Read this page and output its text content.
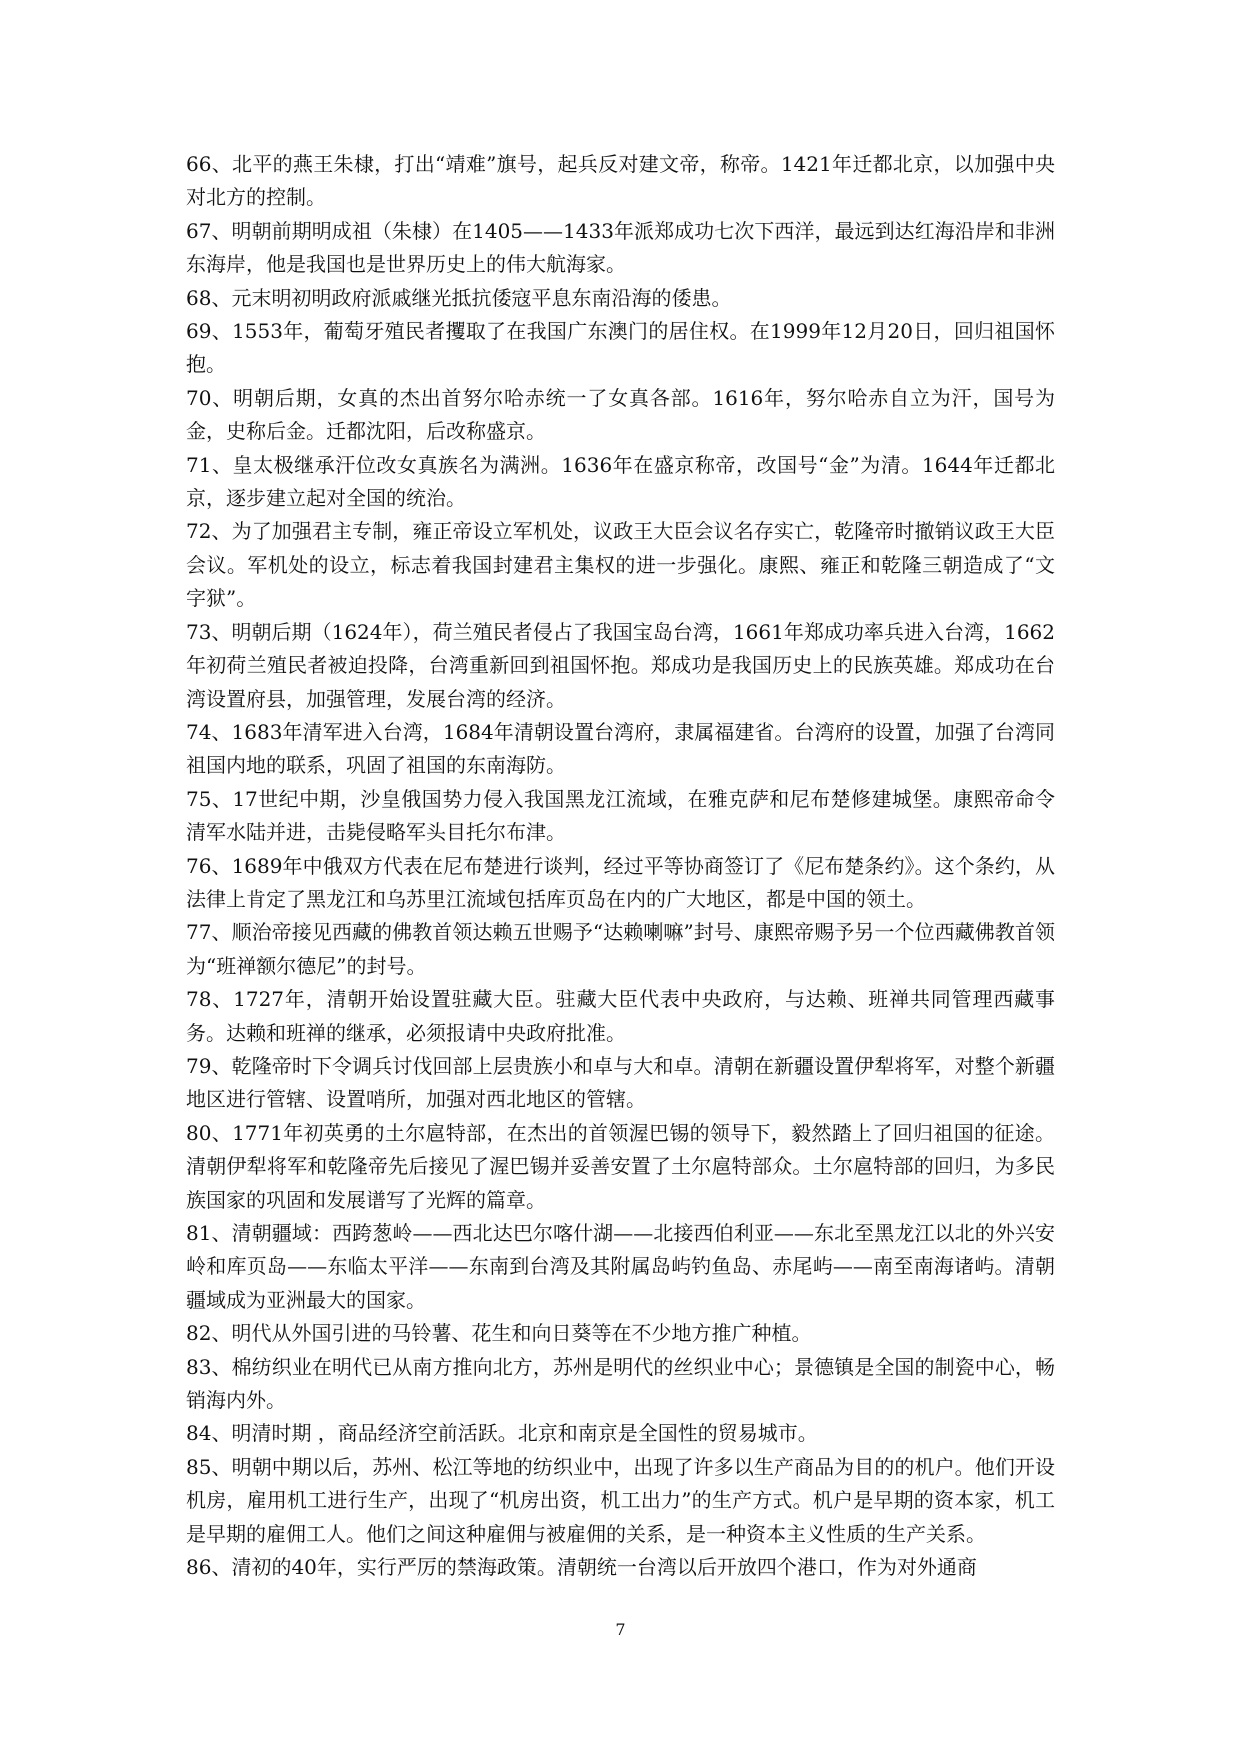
66、北平的燕王朱棣，打出“靖难”旗号，起兵反对建文帝，称帝。1421年迁都北京，以加强中央对北方的控制。

67、明朝前期明成祖（朱棣）在1405——1433年派郑成功七次下西洋，最远到达红海沿岸和非洲东海岸，他是我国也是世界历史上的伟大航海家。

68、元末明初明政府派戚继光抵抗倭寇平息东南沿海的倭患。

69、1553年，葡萄牙殖民者攫取了在我国广东澳门的居住权。在1999年12月20日，回归祖国怀抱。

70、明朝后期，女真的杰出首努尔哈赤统一了女真各部。1616年，努尔哈赤自立为汗，国号为金，史称后金。迁都沈阳，后改称盛京。

71、皇太极继承汗位改女真族名为满洲。1636年在盛京称帝，改国号“金”为清。1644年迁都北京，逐步建立起对全国的统治。

72、为了加强君主专制，雍正帝设立军机处，议政王大臣会议名存实亡，乾隆帝时撤销议政王大臣会议。军机处的设立，标志着我国封建君主集权的进一步强化。康熙、雍正和乾隆三朝造成了“文字狱”。

73、明朝后期（1624年），荷兰殖民者侵占了我国宝岛台湾，1661年郑成功率兵进入台湾，1662年初荷兰殖民者被迫投降，台湾重新回到祖国怀抱。郑成功是我国历史上的民族英雄。郑成功在台湾设置府县，加强管理，发展台湾的经济。

74、1683年清军进入台湾，1684年清朝设置台湾府，隶属福建省。台湾府的设置，加强了台湾同祖国内地的联系，巩固了祖国的东南海防。

75、17世纪中期，沙皇俄国势力侵入我国黑龙江流域，在雅克萨和尼布楚修建城堡。康熙帝命令清军水陆并进，击毙侵略军头目托尔布津。

76、1689年中俄双方代表在尼布楚进行谈判，经过平等协商签订了《尼布楚条约》。这个条约，从法律上肯定了黑龙江和乌苏里江流域包括库页岛在内的广大地区，都是中国的领土。

77、顺治帝接见西藏的佛教首领达赖五世赐予“达赖喇嘛”封号、康熙帝赐予另一个位西藏佛教首领为“班禅额尔德尼”的封号。

78、1727年，清朝开始设置驻藏大臣。驻藏大臣代表中央政府，与达赖、班禅共同管理西藏事务。达赖和班禅的继承，必须报请中央政府批准。

79、乾隆帝时下令调兵讨伐回部上层贵族小和卓与大和卓。清朝在新疆设置伊犁将军，对整个新疆地区进行管辖、设置哨所，加强对西北地区的管辖。

80、1771年初英勇的土尔扈特部，在杰出的首领渥巴锡的领导下，毅然踏上了回归祖国的征途。清朝伊犁将军和乾隆帝先后接见了渥巴锡并妥善安置了土尔扈特部众。土尔扈特部的回归，为多民族国家的巩固和发展谱写了光辉的篇章。

81、清朝疆域：西跨葱岭——西北达巴尔喀什湖——北接西伯利亚——东北至黑龙江以北的外兴安岭和库页岛——东临太平洋——东南到台湾及其附属岛屿钓鱼岛、赤尾屿——南至南海诸屿。清朝疆域成为亚洲最大的国家。

82、明代从外国引进的马铃薯、花生和向日葵等在不少地方推广种植。

83、棉纺织业在明代已从南方推向北方，苏州是明代的丝织业中心；景德镇是全国的制瓷中心，畅销海内外。

84、明清时期 ，商品经济空前活跃。北京和南京是全国性的贸易城市。

85、明朝中期以后，苏州、松江等地的纺织业中，出现了许多以生产商品为目的的机户。他们开设机房，雇用机工进行生产，出现了“机房出资，机工出力”的生产方式。机户是早期的资本家，机工是早期的雇佣工人。他们之间这种雇佣与被雇佣的关系，是一种资本主义性质的生产关系。

86、清初的40年，实行严厉的禁海政策。清朝统一台湾以后开放四个港口，作为对外通商

7
